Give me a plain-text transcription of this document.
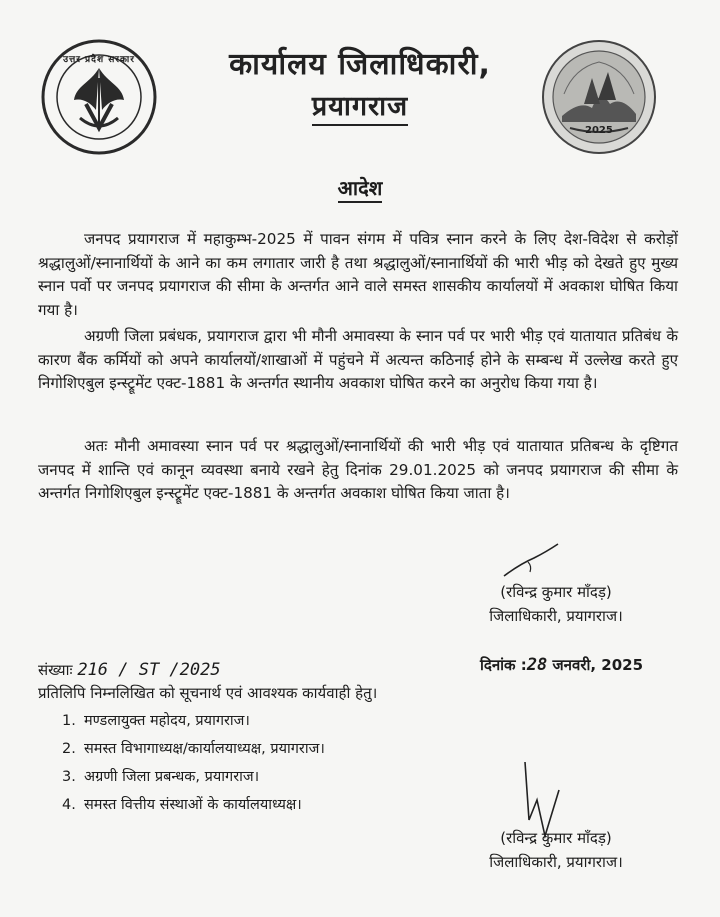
उत्तर प्रदेश सरकार	कार्यालय जिलाधिकारी,
प्रयागराज
2025
आदेश

जनपद प्रयागराज में महाकुम्भ-2025 में पावन संगम में पवित्र स्नान करने के लिए देश-विदेश से करोड़ों श्रद्धालुओं/स्नानार्थियों के आने का कम लगातार जारी है तथा श्रद्धालुओं/स्नानार्थियों की भारी भीड़ को देखते हुए मुख्य स्नान पर्वो पर जनपद प्रयागराज की सीमा के अन्तर्गत आने वाले समस्त शासकीय कार्यालयों में अवकाश घोषित किया गया है।

अग्रणी जिला प्रबंधक, प्रयागराज द्वारा भी मौनी अमावस्या के स्नान पर्व पर भारी भीड़ एवं यातायात प्रतिबंध के कारण बैंक कर्मियों को अपने कार्यालयों/शाखाओं में पहुंचने में अत्यन्त कठिनाई होने के सम्बन्ध में उल्लेख करते हुए निगोशिएबुल इन्स्ट्रूमेंट एक्ट-1881 के अन्तर्गत स्थानीय अवकाश घोषित करने का अनुरोध किया गया है।

अतः मौनी अमावस्या स्नान पर्व पर श्रद्धालुओं/स्नानार्थियों की भारी भीड़ एवं यातायात प्रतिबन्ध के दृष्टिगत जनपद में शान्ति एवं कानून व्यवस्था बनाये रखने हेतु दिनांक 29.01.2025 को जनपद प्रयागराज की सीमा के अन्तर्गत निगोशिएबुल इन्स्ट्रूमेंट एक्ट-1881 के अन्तर्गत अवकाश घोषित किया जाता है।

(रविन्द्र कुमार माँदड़)
जिलाधिकारी, प्रयागराज।
संख्याः 216 / ST /2025	दिनांक :28 जनवरी, 2025
प्रतिलिपि निम्नलिखित को सूचनार्थ एवं आवश्यक कार्यवाही हेतु।
1. मण्डलायुक्त महोदय, प्रयागराज।
2. समस्त विभागाध्यक्ष/कार्यालयाध्यक्ष, प्रयागराज।
3. अग्रणी जिला प्रबन्धक, प्रयागराज।
4. समस्त वित्तीय संस्थाओं के कार्यालयाध्यक्ष।
(रविन्द्र कुमार माँदड़)
जिलाधिकारी, प्रयागराज।
